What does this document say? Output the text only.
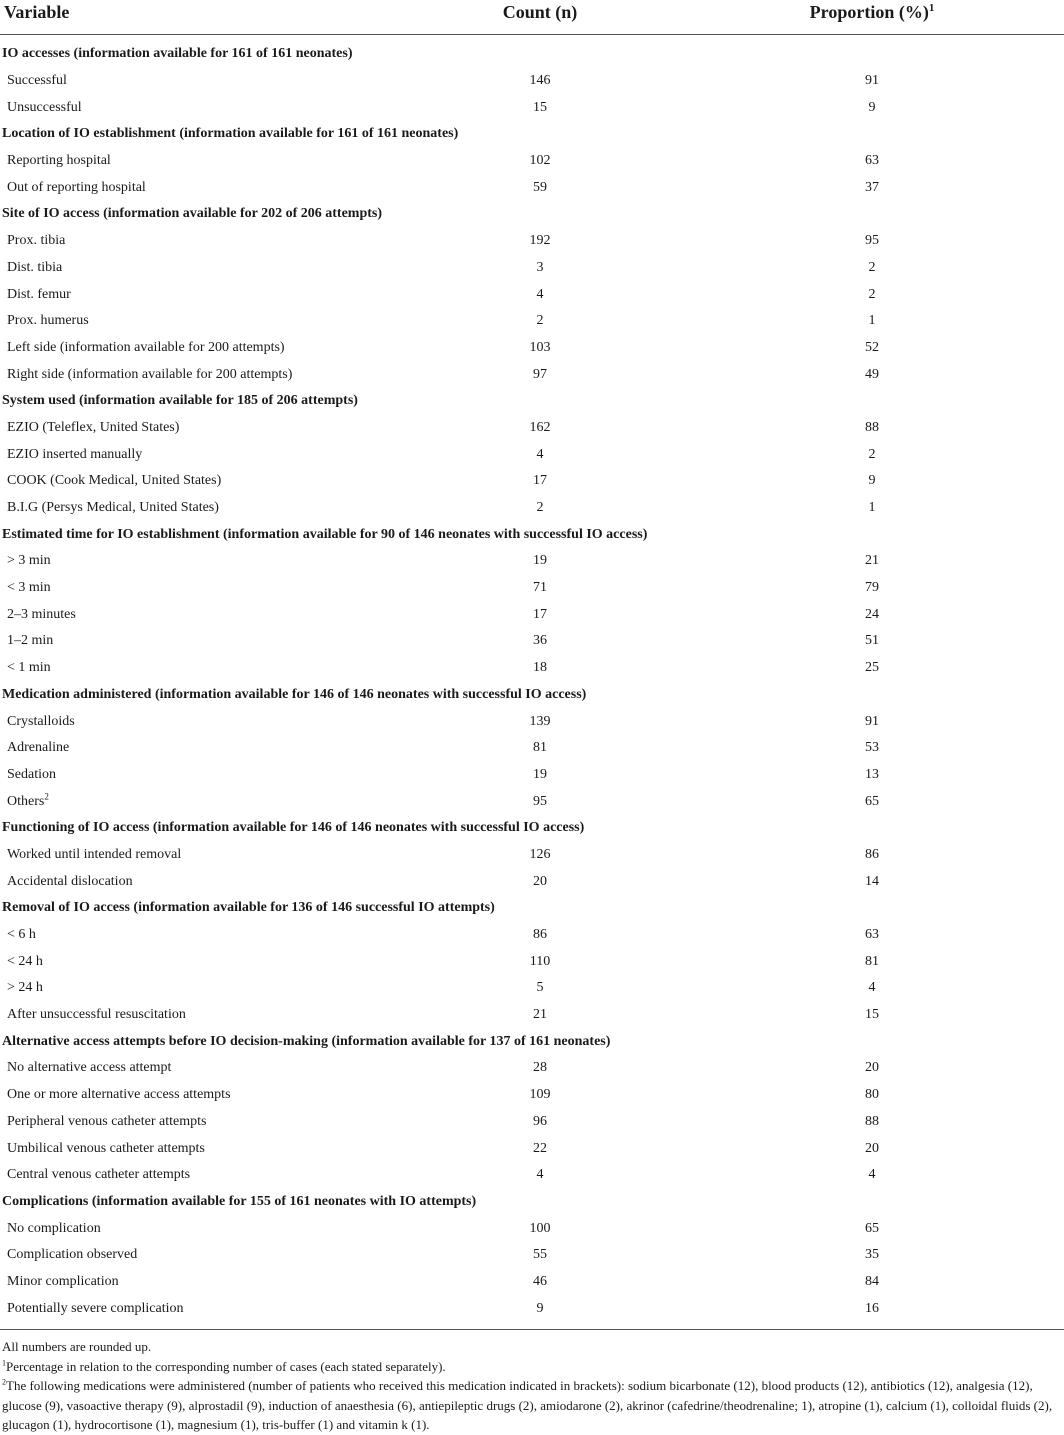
Variable	Count (n)	Proportion (%)$^1$
IO accesses (information available for 161 of 161 neonates)		
Successful	146	91
Unsuccessful	15	9
Location of IO establishment (information available for 161 of 161 neonates)		
Reporting hospital	102	63
Out of reporting hospital	59	37
Site of IO access (information available for 202 of 206 attempts)		
Prox. tibia	192	95
Dist. tibia	3	2
Dist. femur	4	2
Prox. humerus	2	1
Left side (information available for 200 attempts)	103	52
Right side (information available for 200 attempts)	97	49
System used (information available for 185 of 206 attempts)		
EZIO (Teleflex, United States)	162	88
EZIO inserted manually	4	2
COOK (Cook Medical, United States)	17	9
B.I.G (Persys Medical, United States)	2	1
Estimated time for IO establishment (information available for 90 of 146 neonates with successful IO access)		
> 3 min	19	21
< 3 min	71	79
2–3 minutes	17	24
1–2 min	36	51
< 1 min	18	25
Medication administered (information available for 146 of 146 neonates with successful IO access)		
Crystalloids	139	91
Adrenaline	81	53
Sedation	19	13
Others$^2$	95	65
Functioning of IO access (information available for 146 of 146 neonates with successful IO access)		
Worked until intended removal	126	86
Accidental dislocation	20	14
Removal of IO access (information available for 136 of 146 successful IO attempts)		
< 6 h	86	63
< 24 h	110	81
> 24 h	5	4
After unsuccessful resuscitation	21	15
Alternative access attempts before IO decision-making (information available for 137 of 161 neonates)		
No alternative access attempt	28	20
One or more alternative access attempts	109	80
Peripheral venous catheter attempts	96	88
Umbilical venous catheter attempts	22	20
Central venous catheter attempts	4	4
Complications (information available for 155 of 161 neonates with IO attempts)		
No complication	100	65
Complication observed	55	35
Minor complication	46	84
Potentially severe complication	9	16

All numbers are rounded up.

$^1$Percentage in relation to the corresponding number of cases (each stated separately).

$^2$The following medications were administered (number of patients who received this medication indicated in brackets): sodium bicarbonate (12), blood products (12), antibiotics (12), analgesia (12), glucose (9), vasoactive therapy (9), alprostadil (9), induction of anaesthesia (6), antiepileptic drugs (2), amiodarone (2), akrinor (cafedrine/theodrenaline; 1), atropine (1), calcium (1), colloidal fluids (2), glucagon (1), hydrocortisone (1), magnesium (1), tris-buffer (1) and vitamin k (1).
